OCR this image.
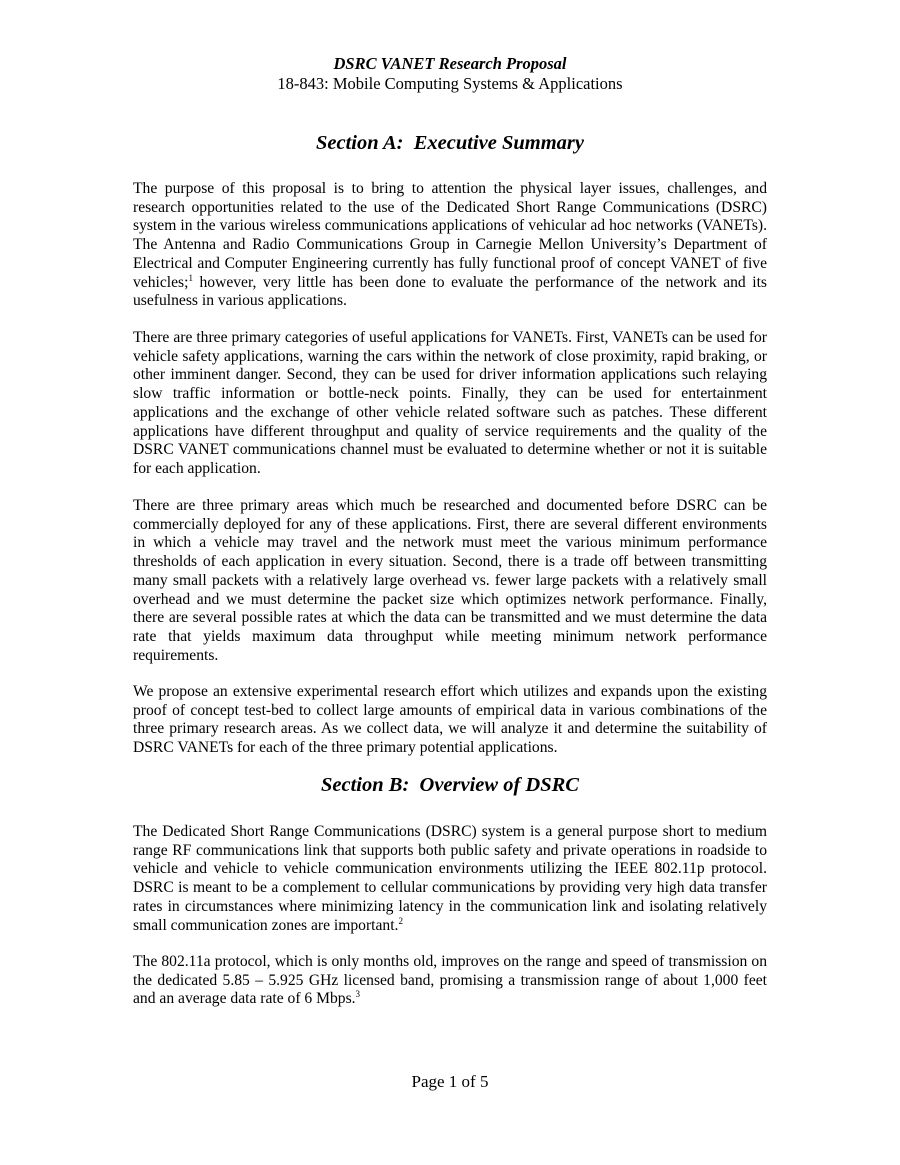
DSRC VANET Research Proposal
18-843: Mobile Computing Systems & Applications
Section A:  Executive Summary

The purpose of this proposal is to bring to attention the physical layer issues, challenges, and research opportunities related to the use of the Dedicated Short Range Communications (DSRC) system in the various wireless communications applications of vehicular ad hoc networks (VANETs). The Antenna and Radio Communications Group in Carnegie Mellon University’s Department of Electrical and Computer Engineering currently has fully functional proof of concept VANET of five vehicles;$^1$ however, very little has been done to evaluate the performance of the network and its usefulness in various applications.

There are three primary categories of useful applications for VANETs. First, VANETs can be used for vehicle safety applications, warning the cars within the network of close proximity, rapid braking, or other imminent danger. Second, they can be used for driver information applications such relaying slow traffic information or bottle-neck points. Finally, they can be used for entertainment applications and the exchange of other vehicle related software such as patches. These different applications have different throughput and quality of service requirements and the quality of the DSRC VANET communications channel must be evaluated to determine whether or not it is suitable for each application.

There are three primary areas which much be researched and documented before DSRC can be commercially deployed for any of these applications. First, there are several different environments in which a vehicle may travel and the network must meet the various minimum performance thresholds of each application in every situation. Second, there is a trade off between transmitting many small packets with a relatively large overhead vs. fewer large packets with a relatively small overhead and we must determine the packet size which optimizes network performance. Finally, there are several possible rates at which the data can be transmitted and we must determine the data rate that yields maximum data throughput while meeting minimum network performance requirements.

We propose an extensive experimental research effort which utilizes and expands upon the existing proof of concept test-bed to collect large amounts of empirical data in various combinations of the three primary research areas. As we collect data, we will analyze it and determine the suitability of DSRC VANETs for each of the three primary potential applications.

Section B:  Overview of DSRC

The Dedicated Short Range Communications (DSRC) system is a general purpose short to medium range RF communications link that supports both public safety and private operations in roadside to vehicle and vehicle to vehicle communication environments utilizing the IEEE 802.11p protocol. DSRC is meant to be a complement to cellular communications by providing very high data transfer rates in circumstances where minimizing latency in the communication link and isolating relatively small communication zones are important.$^2$

The 802.11a protocol, which is only months old, improves on the range and speed of transmission on the dedicated 5.85 – 5.925 GHz licensed band, promising a transmission range of about 1,000 feet and an average data rate of 6 Mbps.$^3$

Page 1 of 5
